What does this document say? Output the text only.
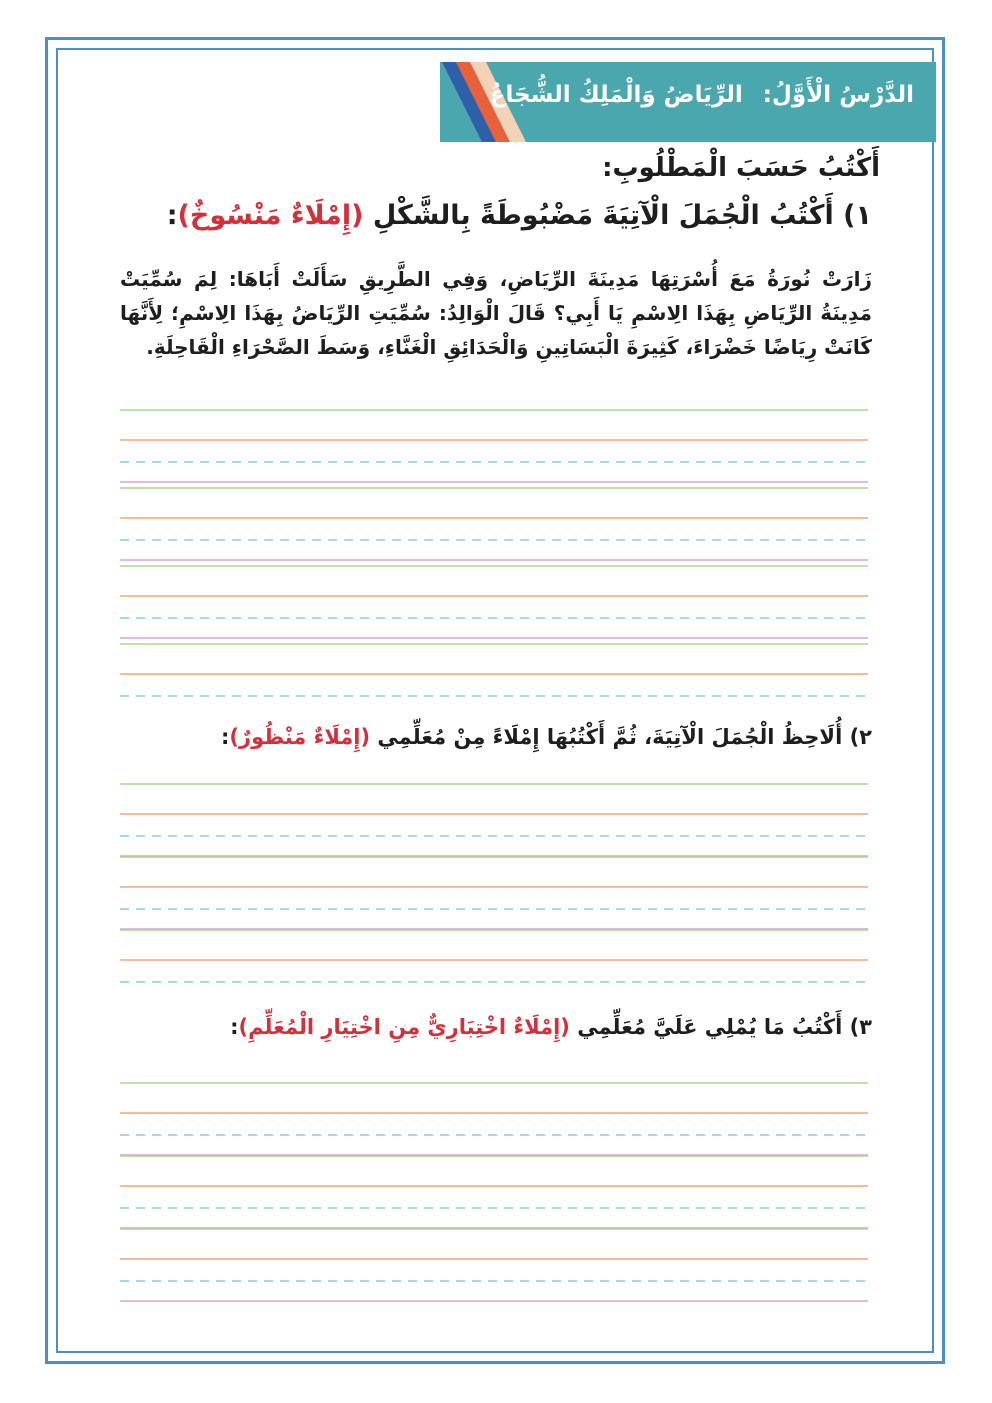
الدَّرْسُ الْأَوَّلُ: الرِّيَاضُ وَالْمَلِكُ الشُّجَاعُ
أَكْتُبُ حَسَبَ الْمَطْلُوبِ:
١) أَكْتُبُ الْجُمَلَ الْآتِيَةَ مَضْبُوطَةً بِالشَّكْلِ (إِمْلَاءٌ مَنْسُوخٌ):
زَارَتْ نُورَةُ مَعَ أُسْرَتِهَا مَدِينَةَ الرِّيَاضِ، وَفِي الطَّرِيقِ سَأَلَتْ أَبَاهَا: لِمَ سُمِّيَتْ مَدِينَةُ الرِّيَاضِ بِهَذَا الِاسْمِ يَا أَبِي؟ قَالَ الْوَالِدُ: سُمِّيَتِ الرِّيَاضُ بِهَذَا الِاسْمِ؛ لِأَنَّهَا كَانَتْ رِيَاضًا خَضْرَاءَ، كَثِيرَةَ الْبَسَاتِينِ وَالْحَدَائِقِ الْغَنَّاءِ، وَسَطَ الصَّحْرَاءِ الْقَاحِلَةِ.
٢) أُلَاحِظُ الْجُمَلَ الْآتِيَةَ، ثُمَّ أَكْتُبُهَا إِمْلَاءً مِنْ مُعَلِّمِي (إِمْلَاءٌ مَنْظُورٌ):
٣) أَكْتُبُ مَا يُمْلِي عَلَيَّ مُعَلِّمِي (إِمْلَاءٌ اخْتِبَارِيٌّ مِنِ اخْتِيَارِ الْمُعَلِّمِ):
